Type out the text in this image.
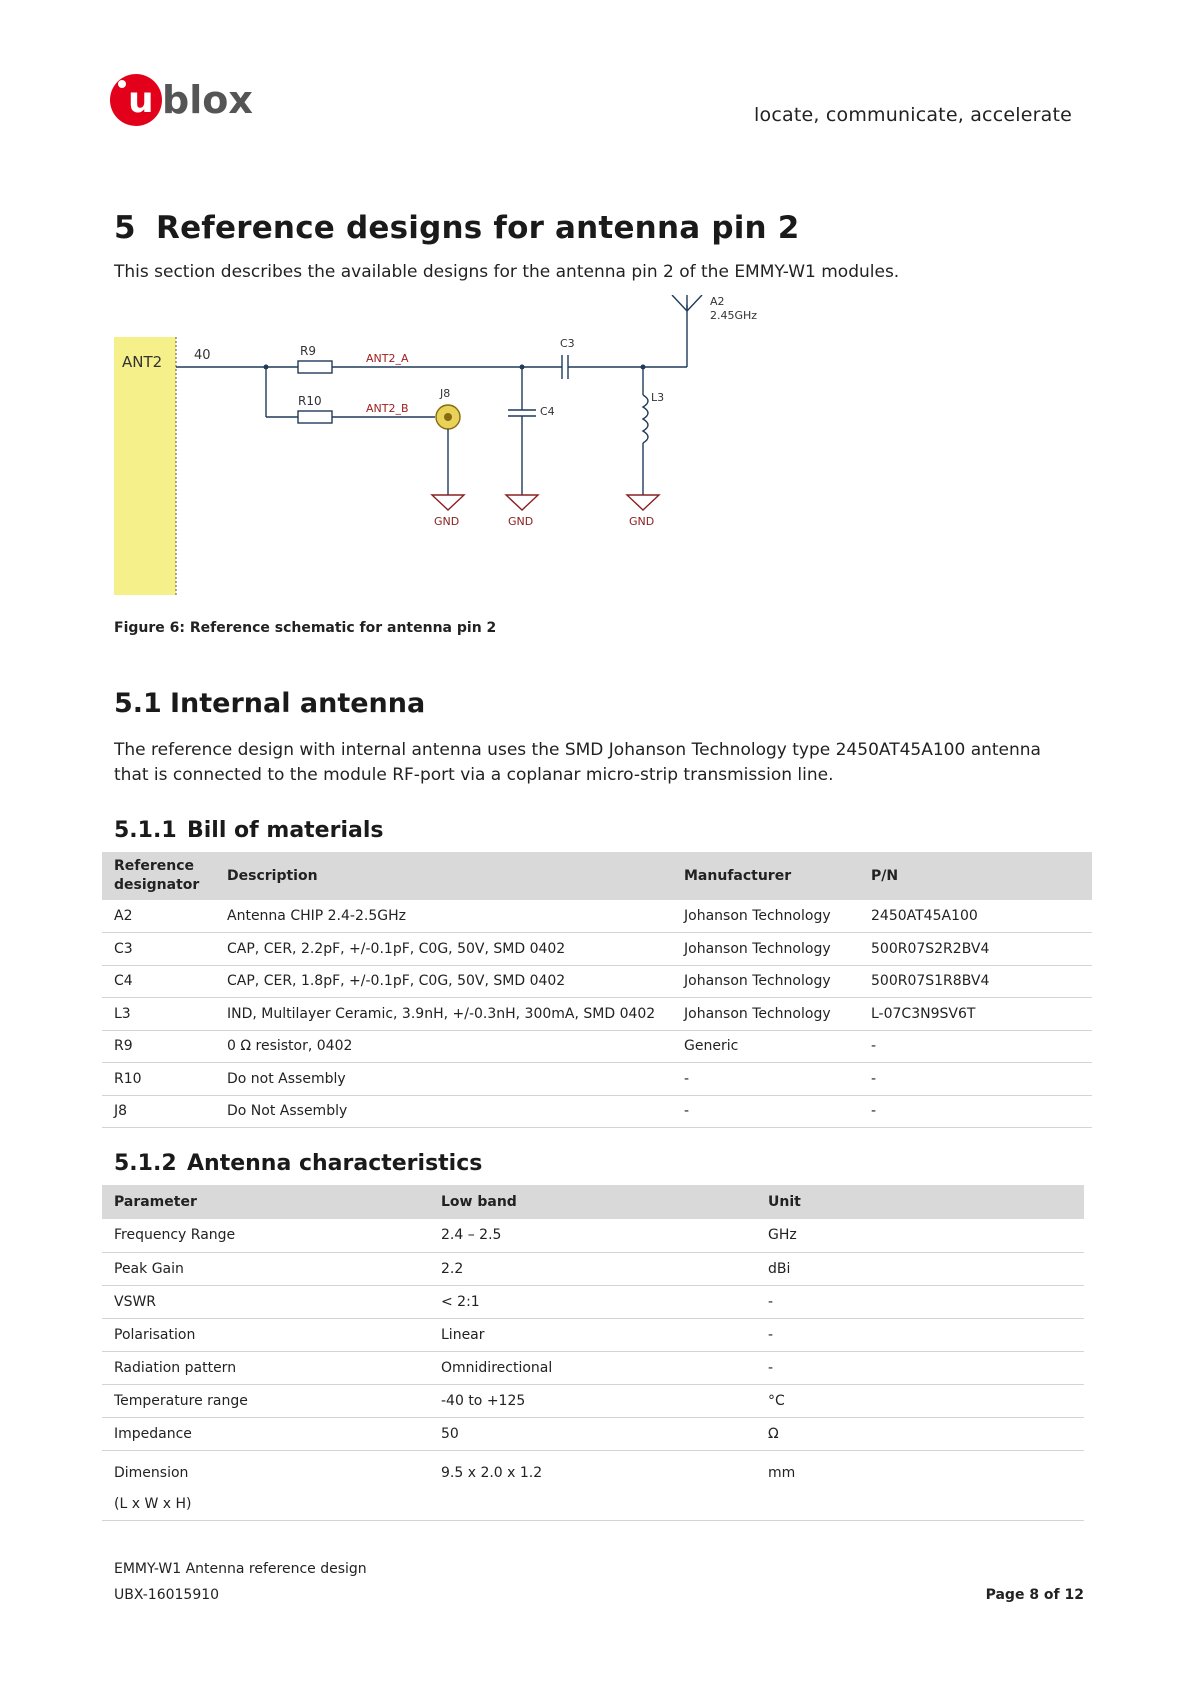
u blox	locate, communicate, accelerate
5 Reference designs for antenna pin 2

This section describes the available designs for the antenna pin 2 of the EMMY-W1 modules.

ANT2 40
GND	GND	GND
R9
R10
ANT2_A
ANT2_B
C3
C4
L3
J8
A2
2.45GHz
Figure 6: Reference schematic for antenna pin 2
5.1 Internal antenna

The reference design with internal antenna uses the SMD Johanson Technology type 2450AT45A100 antenna that is connected to the module RF-port via a coplanar micro-strip transmission line.

5.1.1 Bill of materials
Reference designator	Description	Manufacturer	P/N
A2	Antenna CHIP 2.4-2.5GHz	Johanson Technology	2450AT45A100
C3	CAP, CER, 2.2pF, +/-0.1pF, C0G, 50V, SMD 0402	Johanson Technology	500R07S2R2BV4
C4	CAP, CER, 1.8pF, +/-0.1pF, C0G, 50V, SMD 0402	Johanson Technology	500R07S1R8BV4
L3	IND, Multilayer Ceramic, 3.9nH, +/-0.3nH, 300mA, SMD 0402	Johanson Technology	L-07C3N9SV6T
R9	0 Ω resistor, 0402	Generic	-
R10	Do not Assembly	-	-
J8	Do Not Assembly	-	-
5.1.2 Antenna characteristics
Parameter	Low band	Unit
Frequency Range	2.4 – 2.5	GHz
Peak Gain	2.2	dBi
VSWR	< 2:1	-
Polarisation	Linear	-
Radiation pattern	Omnidirectional	-
Temperature range	-40 to +125	°C
Impedance	50	Ω
Dimension
(L x W x H)	9.5 x 2.0 x 1.2	mm
EMMY-W1 Antenna reference design
UBX-16015910	Page 8 of 12
